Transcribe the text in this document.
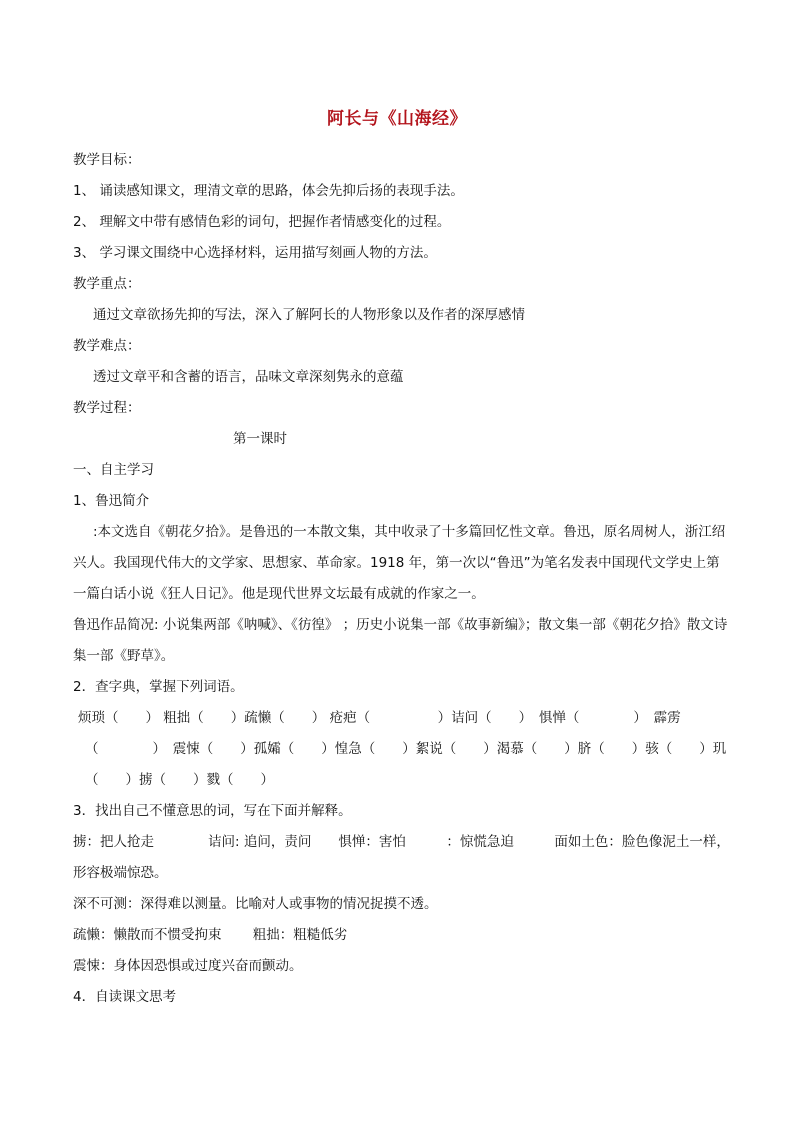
阿长与《山海经》
教学目标：
1、 诵读感知课文，理清文章的思路，体会先抑后扬的表现手法。
2、 理解文中带有感情色彩的词句，把握作者情感变化的过程。
3、 学习课文围绕中心选择材料，运用描写刻画人物的方法。
教学重点：
通过文章欲扬先抑的写法，深入了解阿长的人物形象以及作者的深厚感情
教学难点：
透过文章平和含蓄的语言，品味文章深刻隽永的意蕴
教学过程：
第一课时
一、自主学习
1、鲁迅简介
:本文选自《朝花夕拾》。是鲁迅的一本散文集，其中收录了十多篇回忆性文章。鲁迅，原名周树人，浙江绍兴人。我国现代伟大的文学家、思想家、革命家。1918 年，第一次以“鲁迅”为笔名发表中国现代文学史上第一篇白话小说《狂人日记》。他是现代世界文坛最有成就的作家之一。
鲁迅作品简况: 小说集两部《呐喊》、《彷徨》 ；历史小说集一部《故事新编》；散文集一部《朝花夕拾》散文诗集一部《野草》。
2．查字典，掌握下列词语。
烦琐（　　） 粗拙（　　）疏懒（　　） 疮疤（　　　　　）诘问（　　）　惧惮（　　　　）　霹雳
（　　　　）　震悚（　　）孤孀（　　）惶急（　　）絮说（　　）渴慕（　　）脐（　　）骇（　　）玑
（　　）掳（　　）戮（　　）
3．找出自己不懂意思的词，写在下面并解释。
掳：把人抢走　　　　诘问: 追问，责问　　惧惮：害怕　　　：惊慌急迫　　　面如土色：脸色像泥土一样，形容极端惊恐。
深不可测：深得难以测量。比喻对人或事物的情况捉摸不透。
疏懒：懒散而不惯受拘束　　 粗拙：粗糙低劣
震悚：身体因恐惧或过度兴奋而颤动。
4．自读课文思考
